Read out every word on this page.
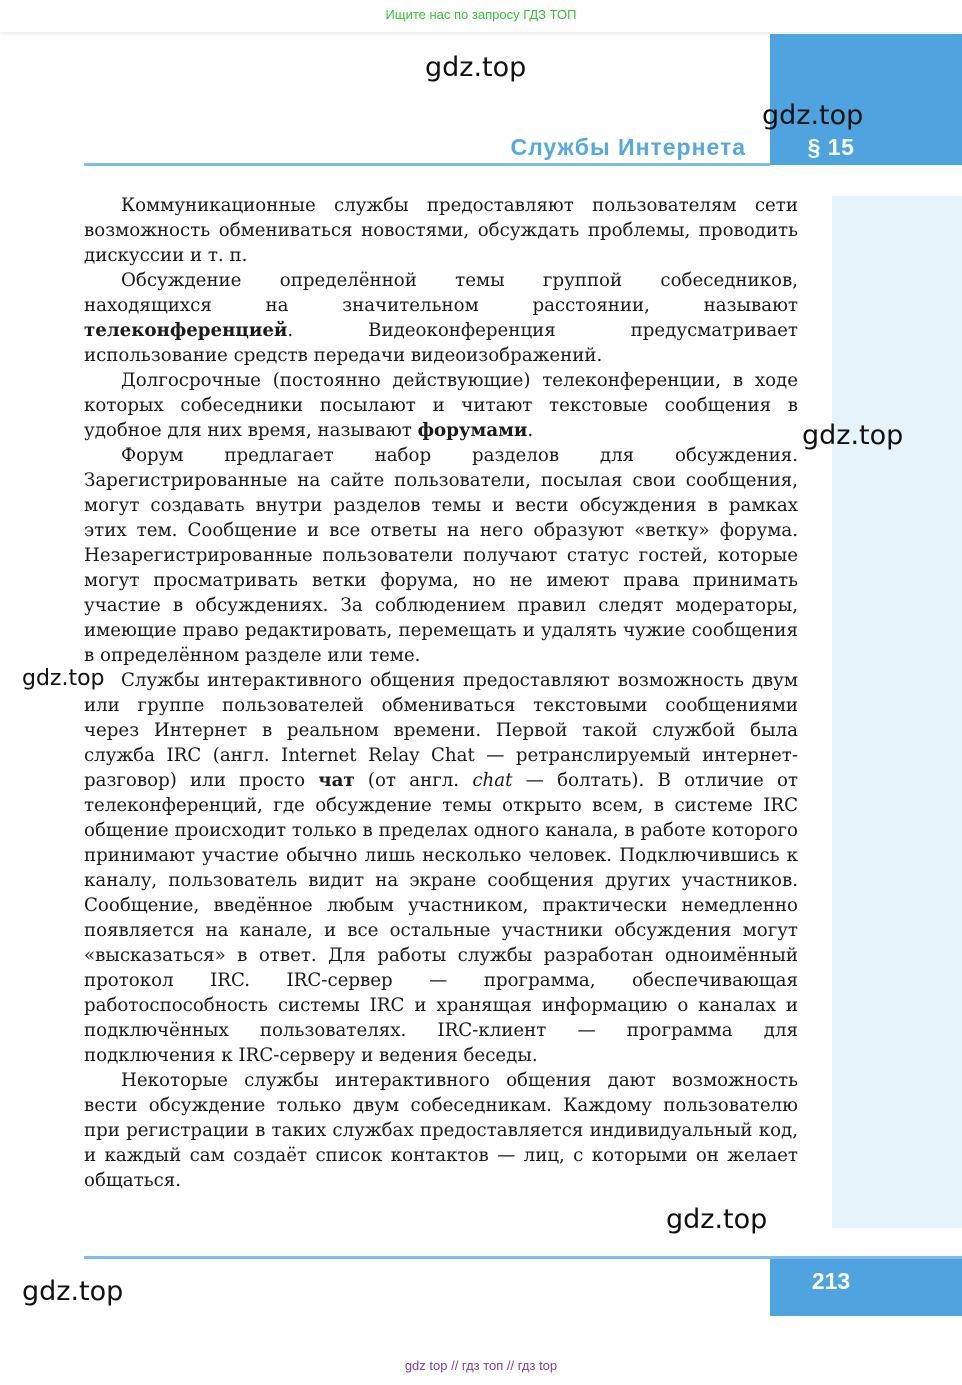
Ищите нас по запросу ГДЗ ТОП
§ 15
Службы Интернета

Коммуникационные службы предоставляют пользователям сети возможность обмениваться новостями, обсуждать проблемы, проводить дискуссии и т. п.

Обсуждение определённой темы группой собеседников, находящихся на значительном расстоянии, называют телеконференцией. Видеоконференция предусматривает использование средств передачи видеоизображений.

Долгосрочные (постоянно действующие) телеконференции, в ходе которых собеседники посылают и читают текстовые сообщения в удобное для них время, называют форумами.

Форум предлагает набор разделов для обсуждения. Зарегистрированные на сайте пользователи, посылая свои сообщения, могут создавать внутри разделов темы и вести обсуждения в рамках этих тем. Сообщение и все ответы на него образуют «ветку» форума. Незарегистрированные пользователи получают статус гостей, которые могут просматривать ветки форума, но не имеют права принимать участие в обсуждениях. За соблюдением правил следят модераторы, имеющие право редактировать, перемещать и удалять чужие сообщения в определённом разделе или теме.

Службы интерактивного общения предоставляют возможность двум или группе пользователей обмениваться текстовыми сообщениями через Интернет в реальном времени. Первой такой службой была служба IRC (англ. Internet Relay Chat — ретранслируемый интернет-разговор) или просто чат (от англ. chat — болтать). В отличие от телеконференций, где обсуждение темы открыто всем, в системе IRC общение происходит только в пределах одного канала, в работе которого принимают участие обычно лишь несколько человек. Подключившись к каналу, пользователь видит на экране сообщения других участников. Сообщение, введённое любым участником, практически немедленно появляется на канале, и все остальные участники обсуждения могут «высказаться» в ответ. Для работы службы разработан одноимённый протокол IRC. IRC-сервер — программа, обеспечивающая работоспособность системы IRC и хранящая информацию о каналах и подключённых пользователях. IRC-клиент — программа для подключения к IRC-серверу и ведения беседы.

Некоторые службы интерактивного общения дают возможность вести обсуждение только двум собеседникам. Каждому пользователю при регистрации в таких службах предоставляется индивидуальный код, и каждый сам создаёт список контактов — лиц, с которыми он желает общаться.

213
gdz.top
gdz.top
gdz.top
gdz.top
gdz.top
gdz.top
gdz top // гдз топ // гдз top
